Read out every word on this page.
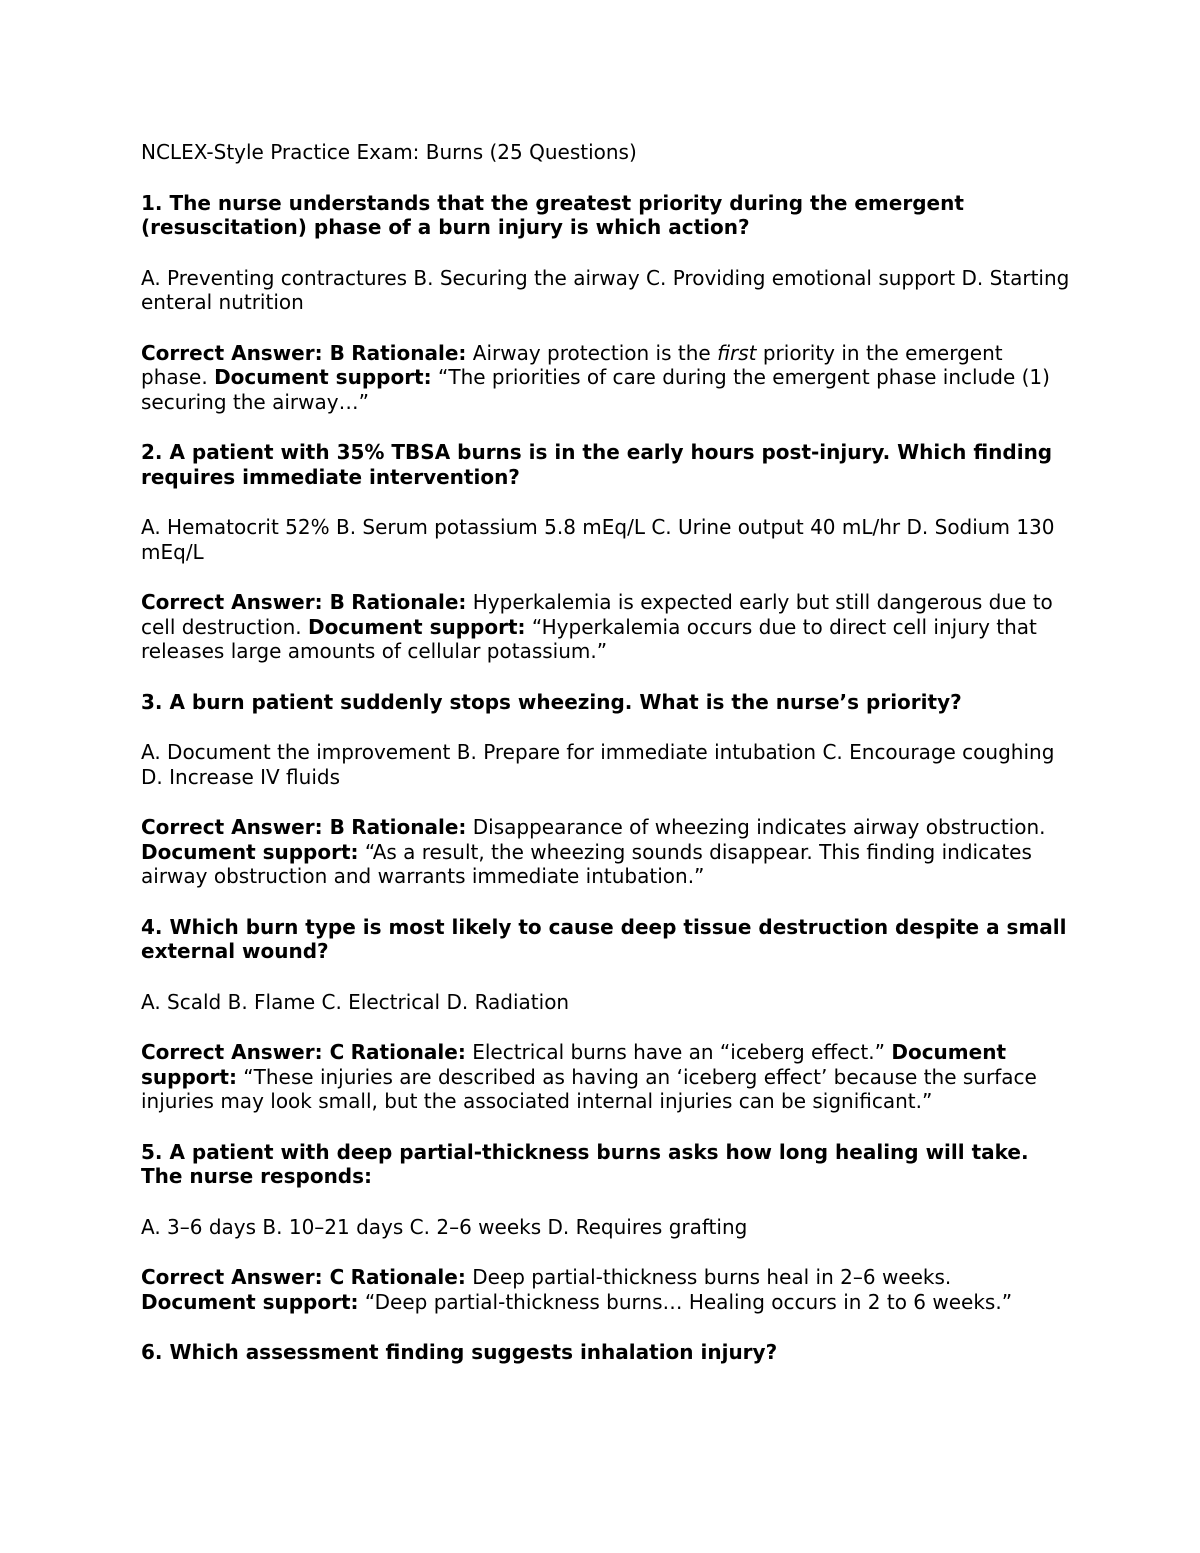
NCLEX-Style Practice Exam: Burns (25 Questions)

1. The nurse understands that the greatest priority during the emergent (resuscitation) phase of a burn injury is which action?

A. Preventing contractures B. Securing the airway C. Providing emotional support D. Starting enteral nutrition

Correct Answer: B Rationale: Airway protection is the first priority in the emergent phase. Document support: “The priorities of care during the emergent phase include (1) securing the airway…”

2. A patient with 35% TBSA burns is in the early hours post-injury. Which finding requires immediate intervention?

A. Hematocrit 52% B. Serum potassium 5.8 mEq/L C. Urine output 40 mL/hr D. Sodium 130 mEq/L

Correct Answer: B Rationale: Hyperkalemia is expected early but still dangerous due to cell destruction. Document support: “Hyperkalemia occurs due to direct cell injury that releases large amounts of cellular potassium.”

3. A burn patient suddenly stops wheezing. What is the nurse’s priority?

A. Document the improvement B. Prepare for immediate intubation C. Encourage coughing D. Increase IV fluids

Correct Answer: B Rationale: Disappearance of wheezing indicates airway obstruction. Document support: “As a result, the wheezing sounds disappear. This finding indicates airway obstruction and warrants immediate intubation.”

4. Which burn type is most likely to cause deep tissue destruction despite a small external wound?

A. Scald B. Flame C. Electrical D. Radiation

Correct Answer: C Rationale: Electrical burns have an “iceberg effect.” Document support: “These injuries are described as having an ‘iceberg effect’ because the surface injuries may look small, but the associated internal injuries can be significant.”

5. A patient with deep partial-thickness burns asks how long healing will take. The nurse responds:

A. 3–6 days B. 10–21 days C. 2–6 weeks D. Requires grafting

Correct Answer: C Rationale: Deep partial-thickness burns heal in 2–6 weeks. Document support: “Deep partial-thickness burns… Healing occurs in 2 to 6 weeks.”

6. Which assessment finding suggests inhalation injury?
